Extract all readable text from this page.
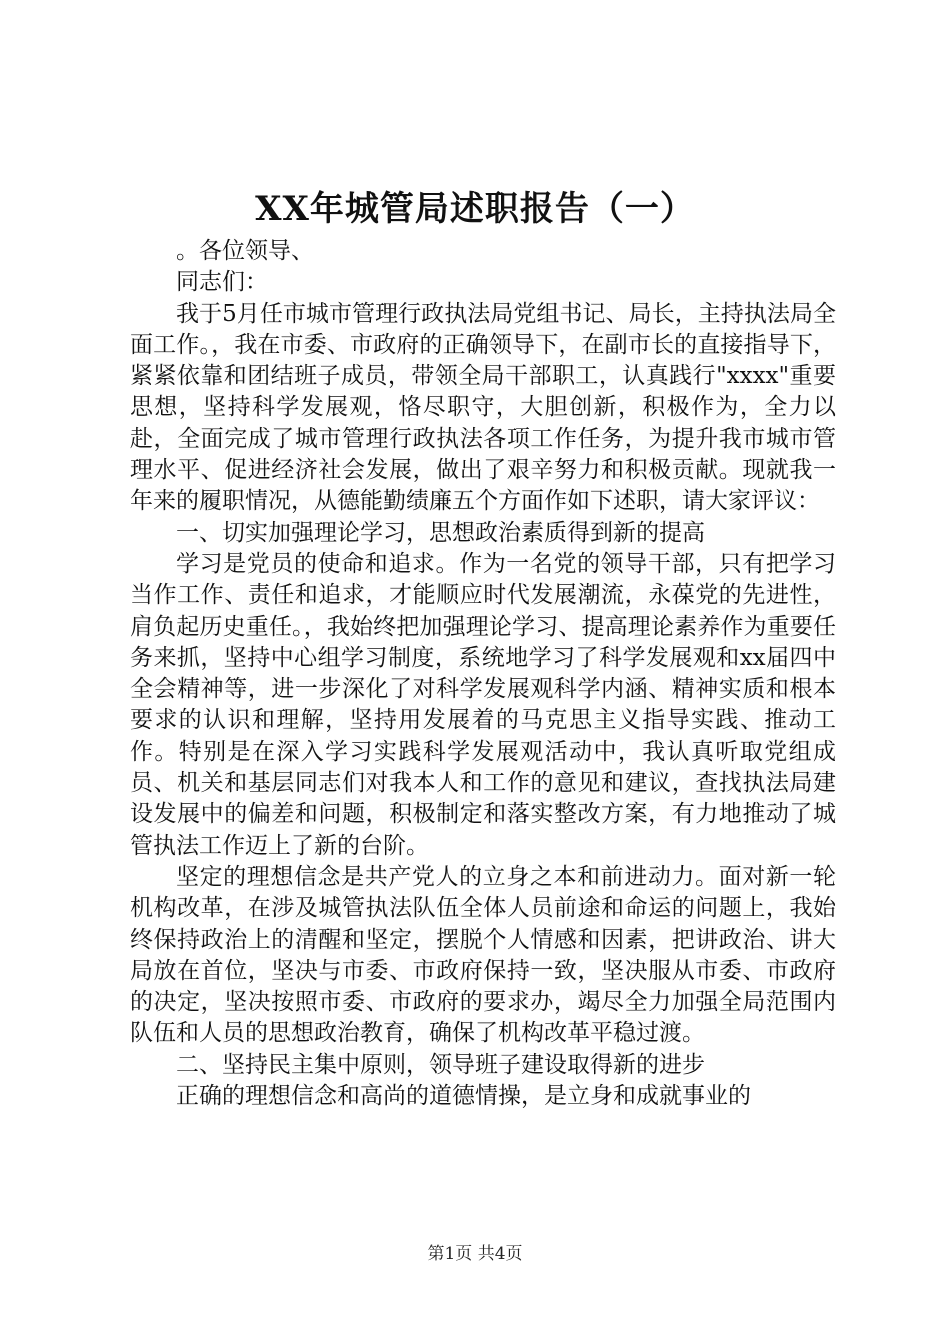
XX年城管局述职报告（一）

。各位领导、

同志们：

我于5月任市城市管理行政执法局党组书记、局长，主持执法局全面工作。，我在市委、市政府的正确领导下，在副市长的直接指导下，紧紧依靠和团结班子成员，带领全局干部职工，认真践行"xxxx"重要思想，坚持科学发展观，恪尽职守，大胆创新，积极作为，全力以赴，全面完成了城市管理行政执法各项工作任务，为提升我市城市管理水平、促进经济社会发展，做出了艰辛努力和积极贡献。现就我一年来的履职情况，从德能勤绩廉五个方面作如下述职，请大家评议：

一、切实加强理论学习，思想政治素质得到新的提高

学习是党员的使命和追求。作为一名党的领导干部，只有把学习当作工作、责任和追求，才能顺应时代发展潮流，永葆党的先进性，肩负起历史重任。，我始终把加强理论学习、提高理论素养作为重要任务来抓，坚持中心组学习制度，系统地学习了科学发展观和xx届四中全会精神等，进一步深化了对科学发展观科学内涵、精神实质和根本要求的认识和理解，坚持用发展着的马克思主义指导实践、推动工作。特别是在深入学习实践科学发展观活动中，我认真听取党组成员、机关和基层同志们对我本人和工作的意见和建议，查找执法局建设发展中的偏差和问题，积极制定和落实整改方案，有力地推动了城管执法工作迈上了新的台阶。

坚定的理想信念是共产党人的立身之本和前进动力。面对新一轮机构改革，在涉及城管执法队伍全体人员前途和命运的问题上，我始终保持政治上的清醒和坚定，摆脱个人情感和因素，把讲政治、讲大局放在首位，坚决与市委、市政府保持一致，坚决服从市委、市政府的决定，坚决按照市委、市政府的要求办，竭尽全力加强全局范围内队伍和人员的思想政治教育，确保了机构改革平稳过渡。

二、坚持民主集中原则，领导班子建设取得新的进步

正确的理想信念和高尚的道德情操，是立身和成就事业的

第1页 共4页
